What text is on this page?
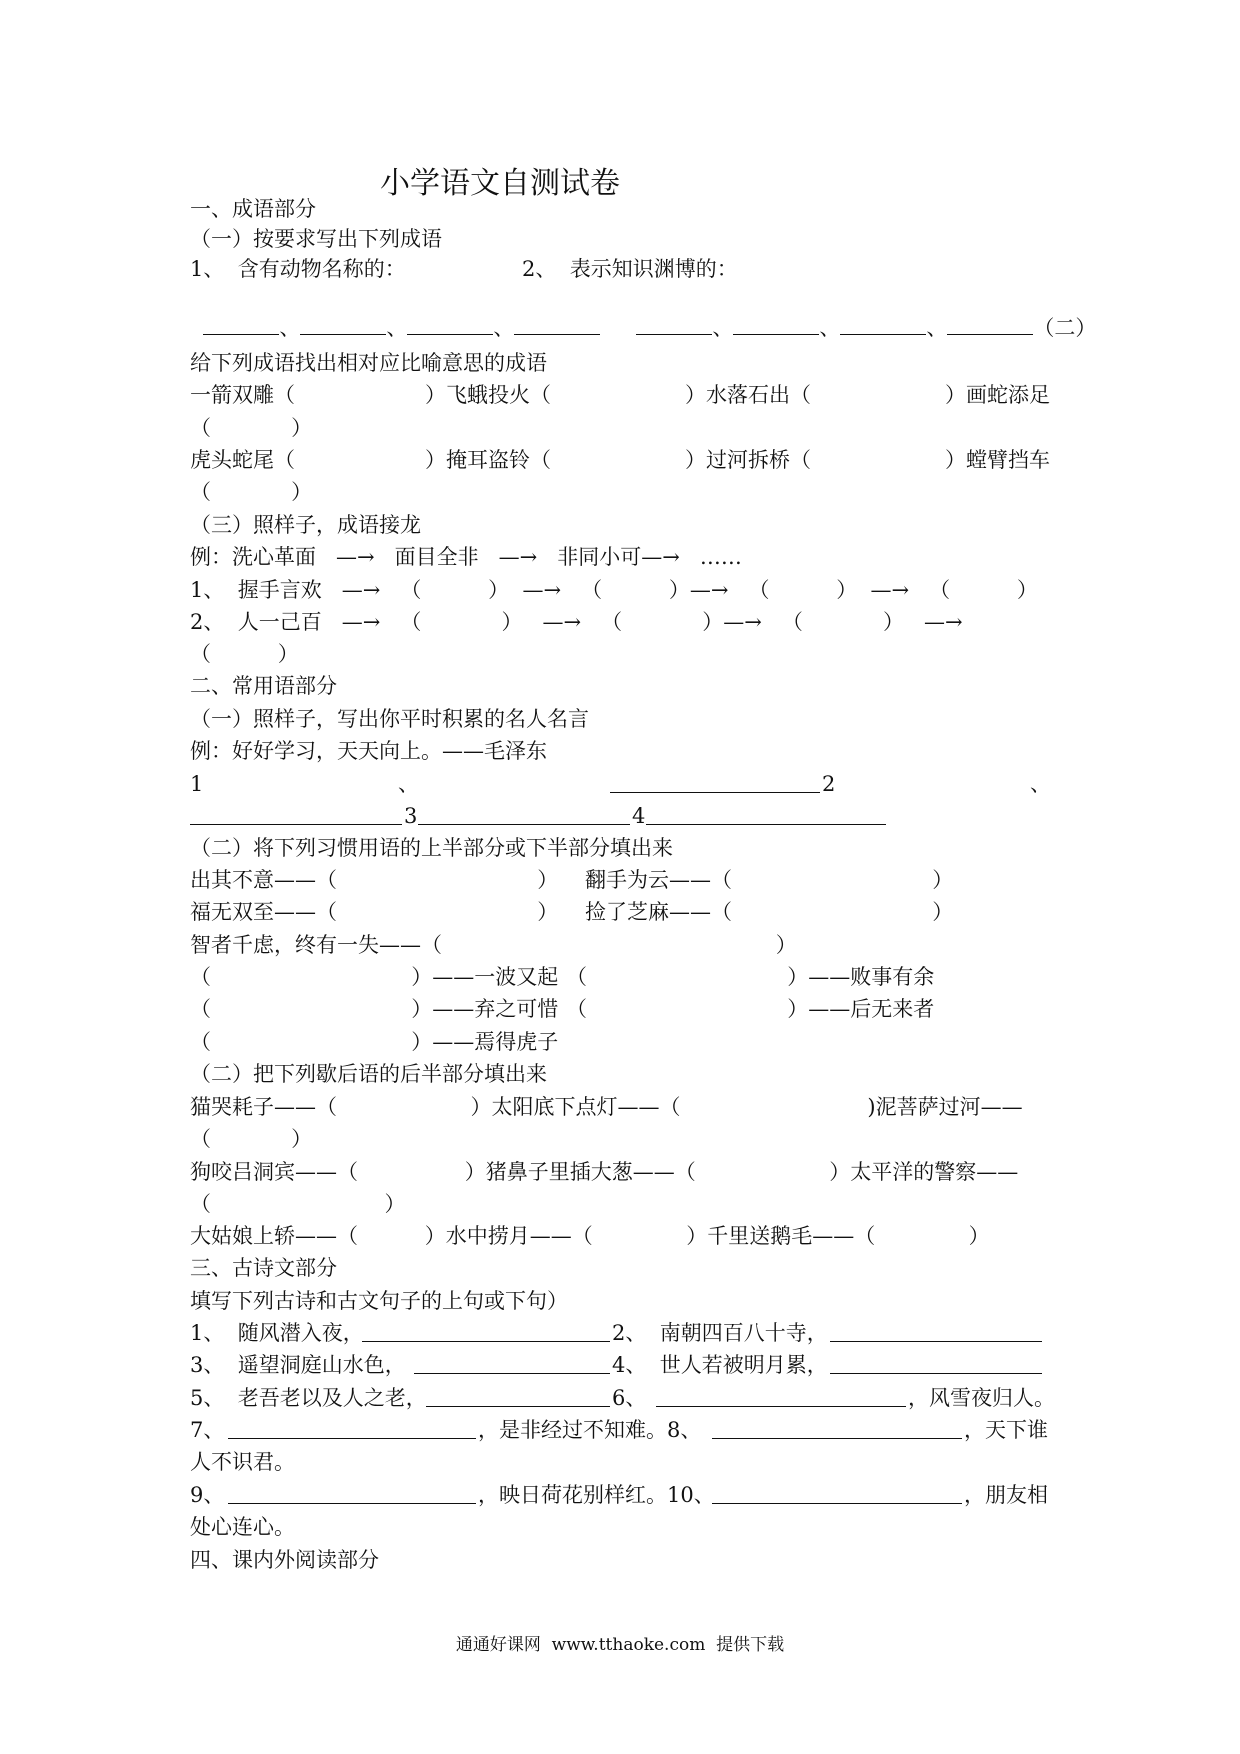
小学语文自测试卷
一、成语部分
（一）按要求写出下列成语
1、  含有动物名称的：	2、  表示知识渊博的：

、	、	、	、	、	、	（二）

给下列成语找出相对应比喻意思的成语
一箭双雕（	）飞蛾投火（	）水落石出（	）画蛇添足
（            ）
虎头蛇尾（	）掩耳盗铃（	）过河拆桥（	）螳臂挡车
（            ）
（三）照样子，成语接龙
例：洗心革面   —→   面目全非   —→   非同小可—→   ……
1、  握手言欢   —→   （          ）  —→   （          ）—→   （          ）  —→   （          ）
2、  人一己百   —→   （            ）   —→   （            ）—→   （            ）   —→
（          ）
二、常用语部分
（一）照样子，写出你平时积累的名人名言
例：好好学习，天天向上。——毛泽东
1	、	2	、
3	4
（二）将下列习惯用语的上半部分或下半部分填出来
出其不意——（                              ） 翻手为云——（                              ）
福无双至——（                              ） 捡了芝麻——（                              ）
智者千虑，终有一失——（                                                  ）
（                              ）——一波又起 （                              ）——败事有余
（                              ）——弃之可惜 （                              ）——后无来者
（                              ）——焉得虎子
（二）把下列歇后语的后半部分填出来
猫哭耗子——（                    ）太阳底下点灯——（                            )泥菩萨过河——
（            ）
狗咬吕洞宾——（                ）猪鼻子里插大葱——（                    ）太平洋的警察——
（                          ）
大姑娘上轿——（          ）水中捞月——（              ）千里送鹅毛——（              ）
三、古诗文部分
填写下列古诗和古文句子的上句或下句）
1、  随风潜入夜，	2、  南朝四百八十寺，
3、  遥望洞庭山水色，	4、  世人若被明月累，
5、  老吾老以及人之老，	6、	，风雪夜归人。
7、	，是非经过不知难。8、	，天下谁
人不识君。
9、	，映日荷花别样红。10、	，朋友相
处心连心。
四、课内外阅读部分
通通好课网  www.tthaoke.com  提供下载
